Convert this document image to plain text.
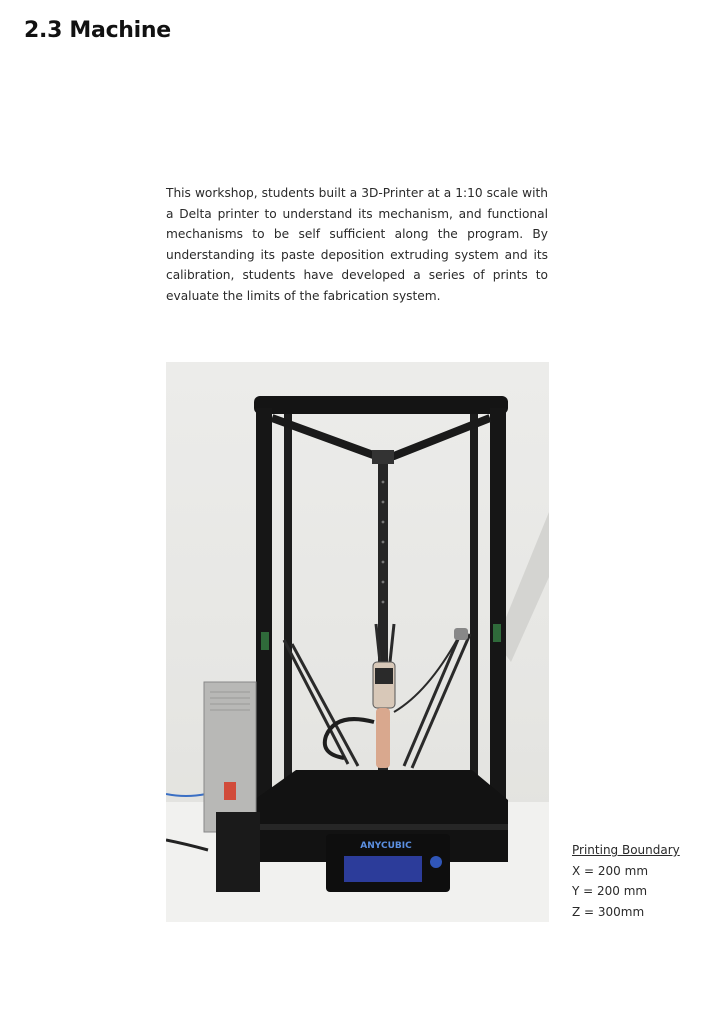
2.3 Machine
This workshop, students built a 3D-Printer at a 1:10 scale with a Delta printer to understand its mechanism, and functional mechanisms to be self sufficient along the program. By understanding its paste deposition extruding system and its calibration, students have developed a series of prints to evaluate the limits of the fabrication system.
ANYCUBIC	Printing Boundary
X = 200 mm
Y = 200 mm
Z = 300mm
